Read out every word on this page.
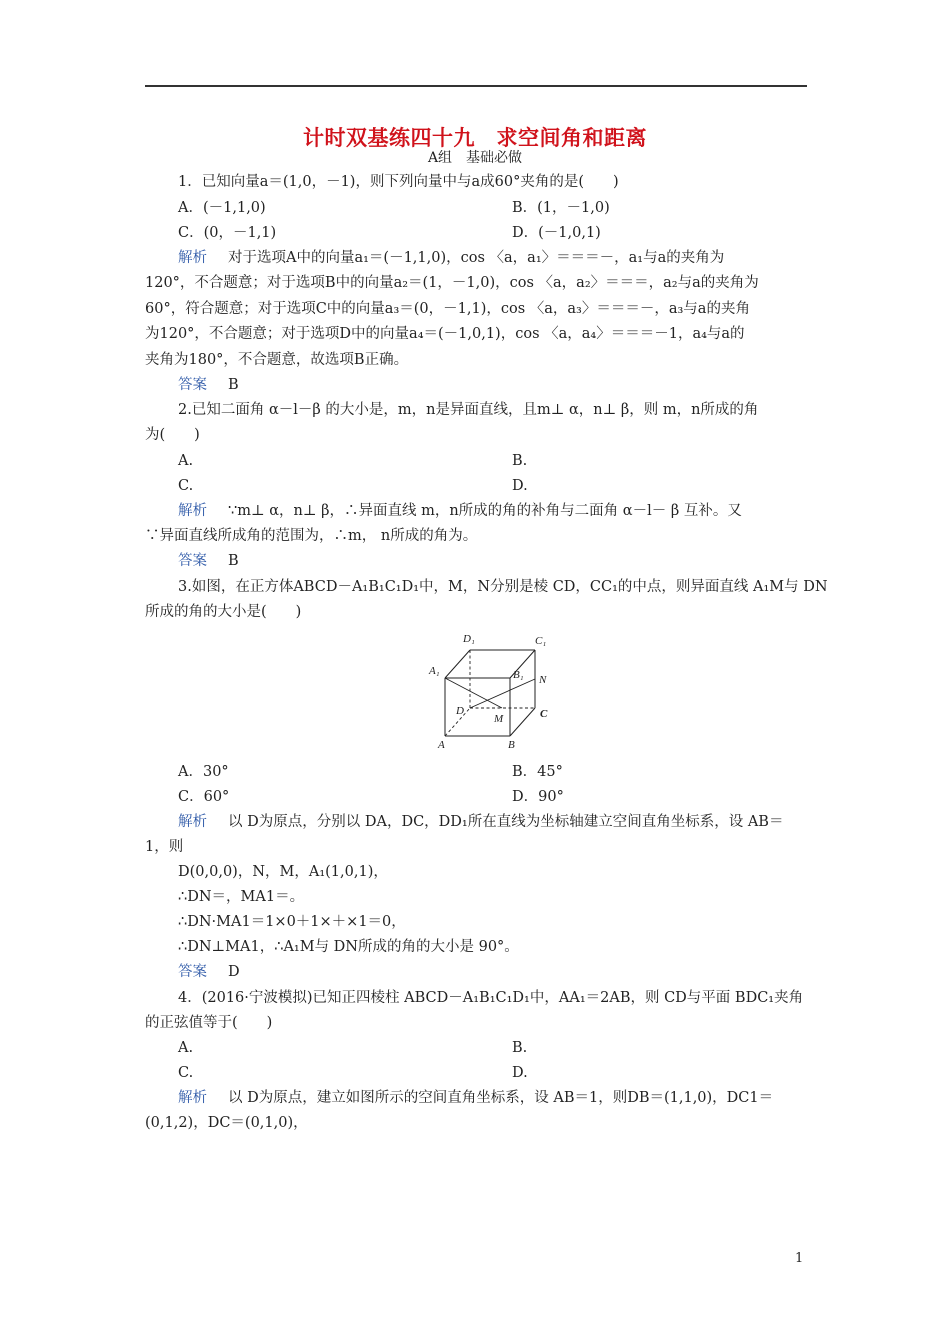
计时双基练四十九　求空间角和距离
A组　基础必做
1．已知向量a＝(1,0，－1)，则下列向量中与a成60°夹角的是(　　)
A．(－1,1,0)	B．(1，－1,0)
C．(0，－1,1)	D．(－1,0,1)
解析 对于选项A中的向量a₁＝(－1,1,0)，cos 〈a，a₁〉＝＝＝－，a₁与a的夹角为
120°，不合题意；对于选项B中的向量a₂＝(1，－1,0)，cos 〈a，a₂〉＝＝＝，a₂与a的夹角为
60°，符合题意；对于选项C中的向量a₃＝(0，－1,1)，cos 〈a，a₃〉＝＝＝－，a₃与a的夹角
为120°，不合题意；对于选项D中的向量a₄＝(－1,0,1)，cos 〈a，a₄〉＝＝＝－1，a₄与a的
夹角为180°，不合题意，故选项B正确。
答案 B
2.已知二面角 α－l－β 的大小是，m，n是异面直线，且m⊥ α，n⊥ β，则 m，n所成的角
为(　　)
A.	B.
C.	D.
解析 ∵m⊥ α，n⊥ β，∴异面直线 m，n所成的角的补角与二面角 α－l－ β 互补。又
∵异面直线所成角的范围为，∴m， n所成的角为。
答案 B
3.如图，在正方体ABCD－A₁B₁C₁D₁中，M，N分别是棱 CD，CC₁的中点，则异面直线 A₁M与 DN
所成的角的大小是(　　)
D₁	C₁
A₁	B₁ N
D
M	C
A	B
A．30°	B．45°
C．60°	D．90°
解析 以 D为原点，分别以 DA，DC，DD₁所在直线为坐标轴建立空间直角坐标系，设 AB＝
1，则
D(0,0,0)，N，M，A₁(1,0,1)，
∴DN＝，MA1＝。
∴DN·MA1＝1×0＋1×＋×1＝0，
∴DN⊥MA1，∴A₁M与 DN所成的角的大小是 90°。
答案 D
4．(2016·宁波模拟)已知正四棱柱 ABCD－A₁B₁C₁D₁中，AA₁＝2AB，则 CD与平面 BDC₁夹角
的正弦值等于(　　)
A.	B.
C.	D.
解析 以 D为原点，建立如图所示的空间直角坐标系，设 AB＝1，则DB＝(1,1,0)，DC1＝
(0,1,2)，DC＝(0,1,0)，
1
